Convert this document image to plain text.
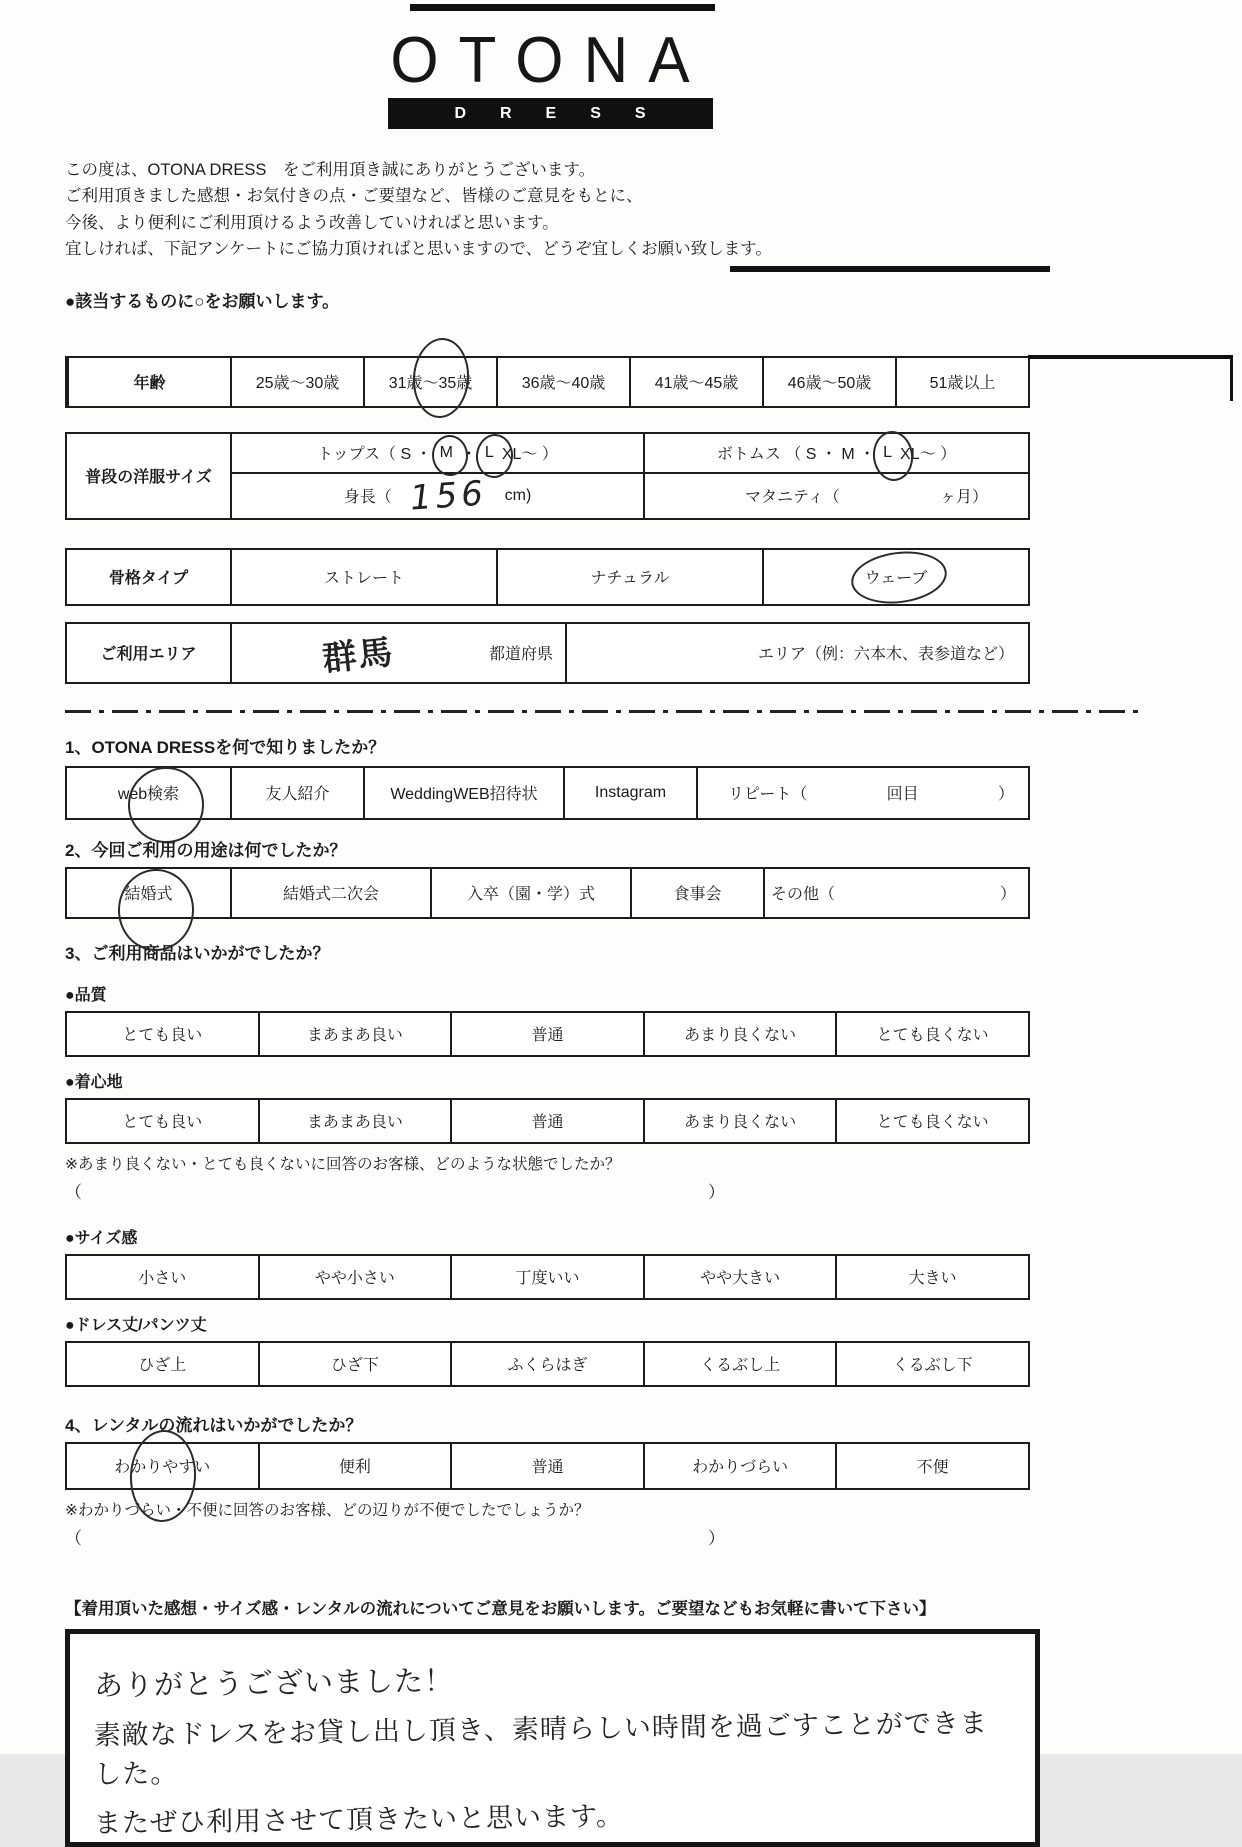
OTONA
DRESS
この度は、OTONA DRESS　をご利用頂き誠にありがとうございます。
ご利用頂きました感想・お気付きの点・ご要望など、皆様のご意見をもとに、
今後、より便利にご利用頂けるよう改善していければと思います。
宜しければ、下記アンケートにご協力頂ければと思いますので、どうぞ宜しくお願い致します。
●該当するものに○をお願いします。
年齢	25歳～30歳	31歳～35歳	36歳～40歳	41歳～45歳	46歳～50歳	51歳以上
普段の洋服サイズ
トップス（ S ・ M ・ L XL～ ）	ボトムス （ S ・ M ・ L XL～ ）
身長（ 156 cm)	マタニティ（	ヶ月）
骨格タイプ	ストレート	ナチュラル	ウェーブ
ご利用エリア	群馬	都道府県	エリア（例：六本木、表参道など）
1、OTONA DRESSを何で知りましたか？
web検索	友人紹介	WeddingWEB招待状	Instagram	リピート（	回目	）
2、今回ご利用の用途は何でしたか？
結婚式	結婚式二次会	入卒（園・学）式	食事会	その他（	）
3、ご利用商品はいかがでしたか？
●品質
とても良い	まあまあ良い	普通	あまり良くない	とても良くない
●着心地
とても良い	まあまあ良い	普通	あまり良くない	とても良くない
※あまり良くない・とても良くないに回答のお客様、どのような状態でしたか？
（	）
●サイズ感
小さい	やや小さい	丁度いい	やや大きい	大きい
●ドレス丈/パンツ丈
ひざ上	ひざ下	ふくらはぎ	くるぶし上	くるぶし下
4、レンタルの流れはいかがでしたか？
わかりやすい	便利	普通	わかりづらい	不便
※わかりづらい・不便に回答のお客様、どの辺りが不便でしたでしょうか？
（	）
【着用頂いた感想・サイズ感・レンタルの流れについてご意見をお願いします。ご要望などもお気軽に書いて下さい】
ありがとうございました！
素敵なドレスをお貸し出し頂き、素晴らしい時間を過ごすことができました。
またぜひ利用させて頂きたいと思います。
